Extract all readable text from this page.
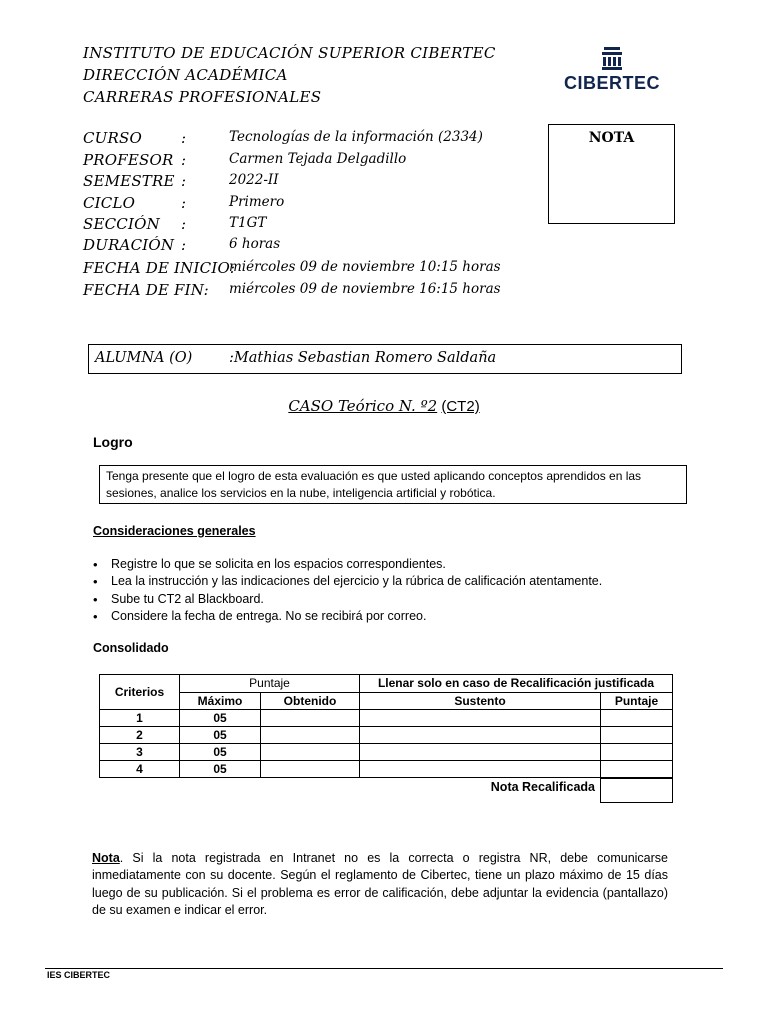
INSTITUTO DE EDUCACIÓN SUPERIOR CIBERTEC
DIRECCIÓN ACADÉMICA
CARRERAS PROFESIONALES
CIBERTEC
CURSO	:	Tecnologías de la información (2334)
PROFESOR :	Carmen Tejada Delgadillo
SEMESTRE :	2022-II
CICLO	:	Primero
SECCIÓN :	T1GT
DURACIÓN :	6 horas
FECHA DE INICIO:
miércoles 09 de noviembre 10:15 horas
FECHA DE FIN: miércoles 09 de noviembre 16:15 horas
NOTA
ALUMNA (O)	:Mathias Sebastian Romero Saldaña
CASO Teórico N. º2 (CT2)
Logro
Tenga presente que el logro de esta evaluación es que usted aplicando conceptos aprendidos en las sesiones, analice los servicios en la nube, inteligencia artificial y robótica.
Consideraciones generales
• Registre lo que se solicita en los espacios correspondientes.
• Lea la instrucción y las indicaciones del ejercicio y la rúbrica de calificación atentamente.
• Sube tu CT2 al Blackboard.
• Considere la fecha de entrega. No se recibirá por correo.
Consolidado
Criterios	Puntaje		Llenar solo en caso de Recalificación justificada	
	Máximo	Obtenido	Sustento	Puntaje
1	05			
2	05			
3	05			
4	05			
Nota Recalificada
Nota. Si la nota registrada en Intranet no es la correcta o registra NR, debe comunicarse inmediatamente con su docente. Según el reglamento de Cibertec, tiene un plazo máximo de 15 días luego de su publicación. Si el problema es error de calificación, debe adjuntar la evidencia (pantallazo) de su examen e indicar el error.
IES CIBERTEC
